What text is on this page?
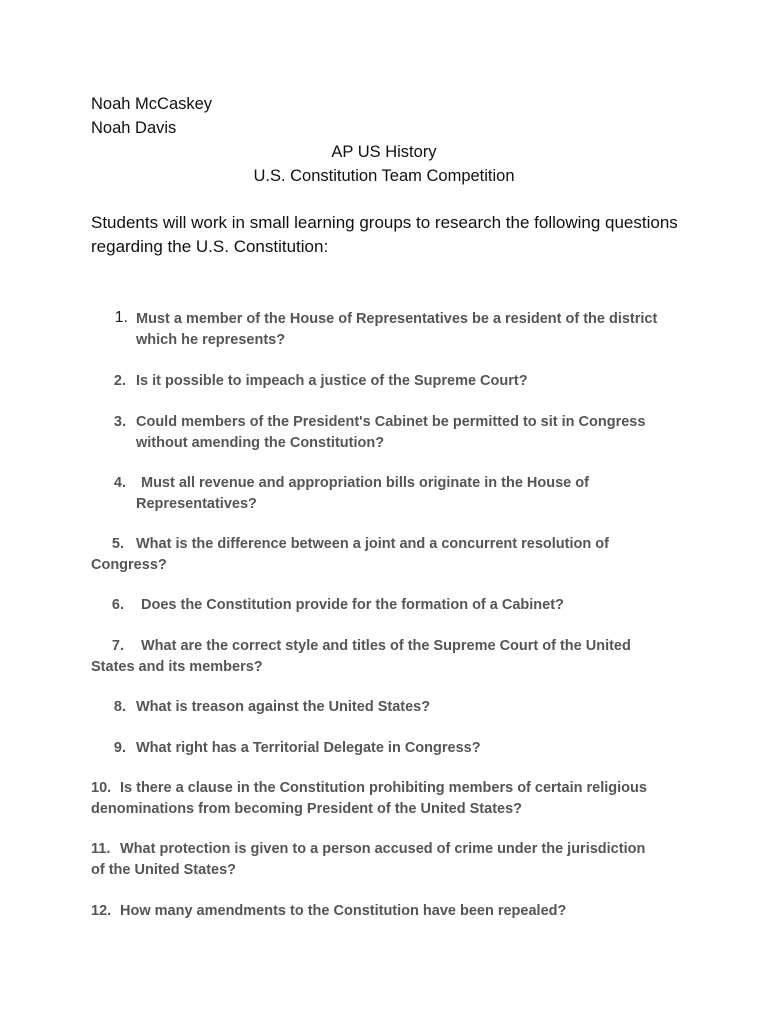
Noah McCaskey
Noah Davis
AP US History
U.S. Constitution Team Competition
Students will work in small learning groups to research the following questions regarding the U.S. Constitution:
1. Must a member of the House of Representatives be a resident of the district
which he represents?
2. Is it possible to impeach a justice of the Supreme Court?
3. Could members of the President's Cabinet be permitted to sit in Congress
without amending the Constitution?
4. Must all revenue and appropriation bills originate in the House of
Representatives?
5. What is the difference between a joint and a concurrent resolution of
Congress?
6. Does the Constitution provide for the formation of a Cabinet?
7. What are the correct style and titles of the Supreme Court of the United
States and its members?
8. What is treason against the United States?
9. What right has a Territorial Delegate in Congress?
10. Is there a clause in the Constitution prohibiting members of certain religious
denominations from becoming President of the United States?
11. What protection is given to a person accused of crime under the jurisdiction
of the United States?
12. How many amendments to the Constitution have been repealed?
